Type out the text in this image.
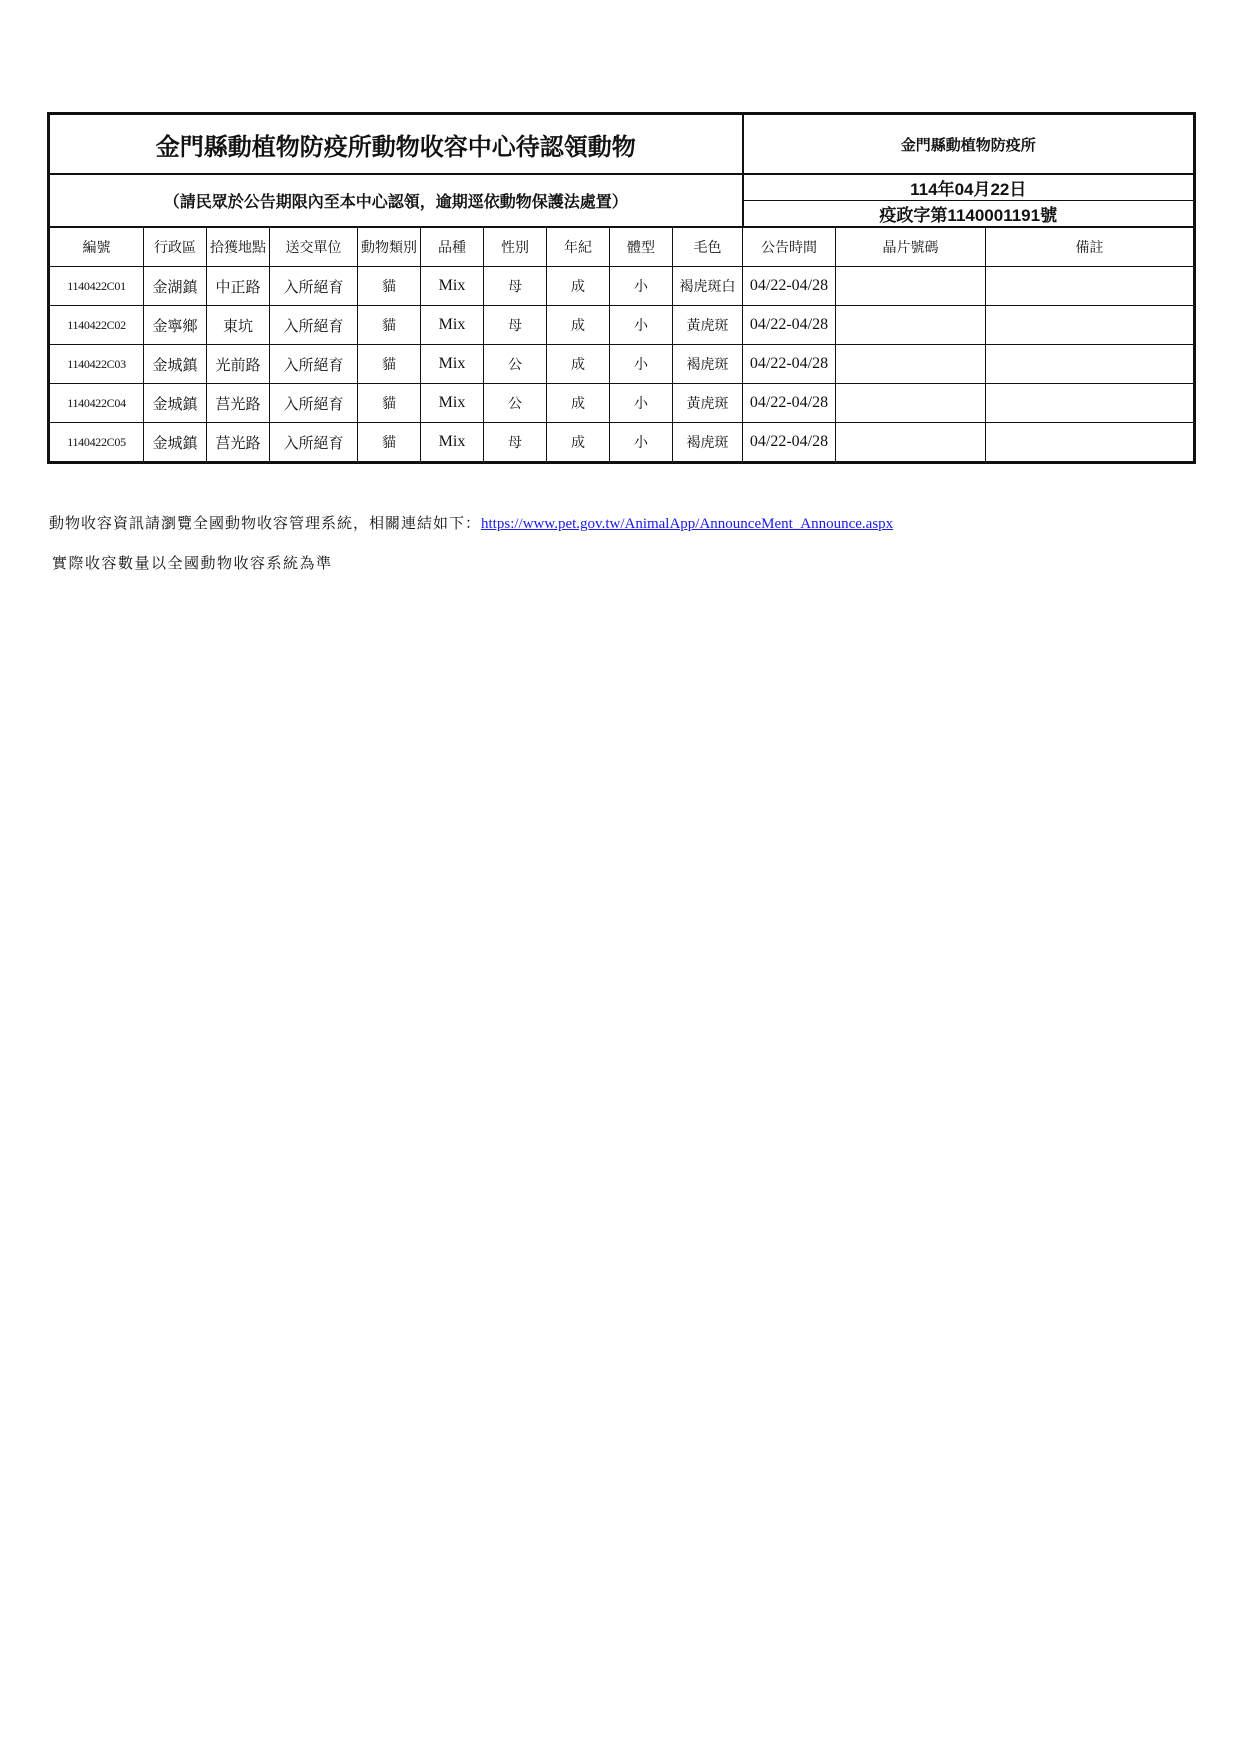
金門縣動植物防疫所動物收容中心待認領動物										金門縣動植物防疫所		
（請民眾於公告期限內至本中心認領，逾期逕依動物保護法處置）										114年04月22日		
										疫政字第1140001191號		
編號	行政區	拾獲地點	送交單位	動物類別	品種	性別	年紀	體型	毛色	公告時間	晶片號碼	備註
1140422C01	金湖鎮	中正路	入所絕育	貓	Mix	母	成	小	褐虎斑白	04/22-04/28		
1140422C02	金寧鄉	東坑	入所絕育	貓	Mix	母	成	小	黃虎斑	04/22-04/28		
1140422C03	金城鎮	光前路	入所絕育	貓	Mix	公	成	小	褐虎斑	04/22-04/28		
1140422C04	金城鎮	莒光路	入所絕育	貓	Mix	公	成	小	黃虎斑	04/22-04/28		
1140422C05	金城鎮	莒光路	入所絕育	貓	Mix	母	成	小	褐虎斑	04/22-04/28		
動物收容資訊請瀏覽全國動物收容管理系統，相關連結如下：https://www.pet.gov.tw/AnimalApp/AnnounceMent_Announce.aspx
實際收容數量以全國動物收容系統為準
